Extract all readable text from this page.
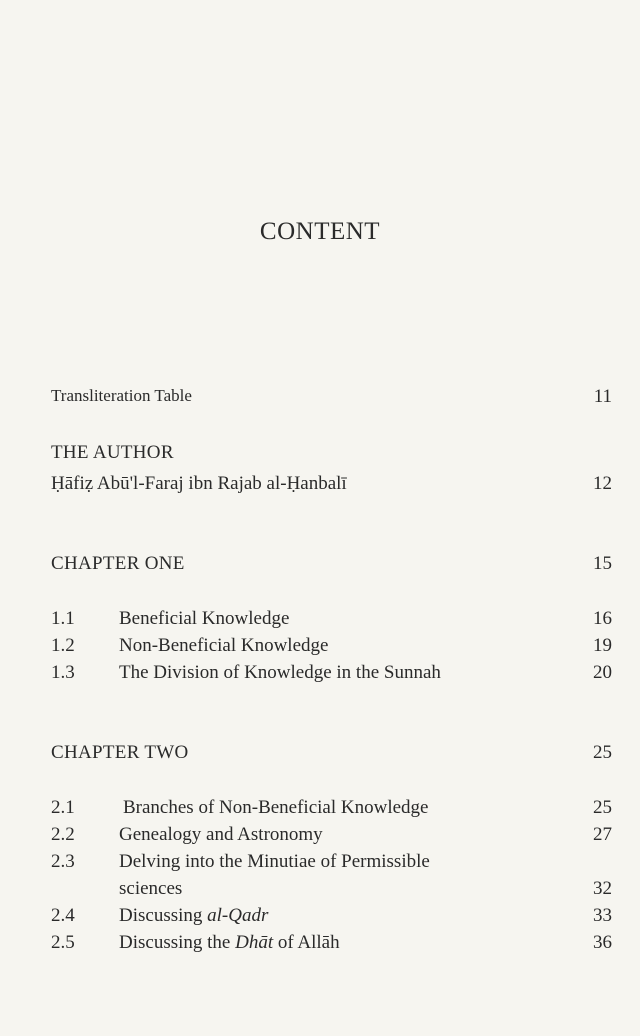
CONTENT
Transliteration Table	11
THE AUTHOR
Ḥāfiẓ Abū'l-Faraj ibn Rajab al-Ḥanbalī	12
CHAPTER ONE	15
1.1 Beneficial Knowledge	16
1.2 Non-Beneficial Knowledge	19
1.3 The Division of Knowledge in the Sunnah	20
CHAPTER TWO	25
2.1	Branches of Non-Beneficial Knowledge	25
2.2 Genealogy and Astronomy	27
2.3 Delving into the Minutiae of Permissible
sciences	32
2.4 Discussing al-Qadr	33
2.5 Discussing the Dhāt of Allāh	36
